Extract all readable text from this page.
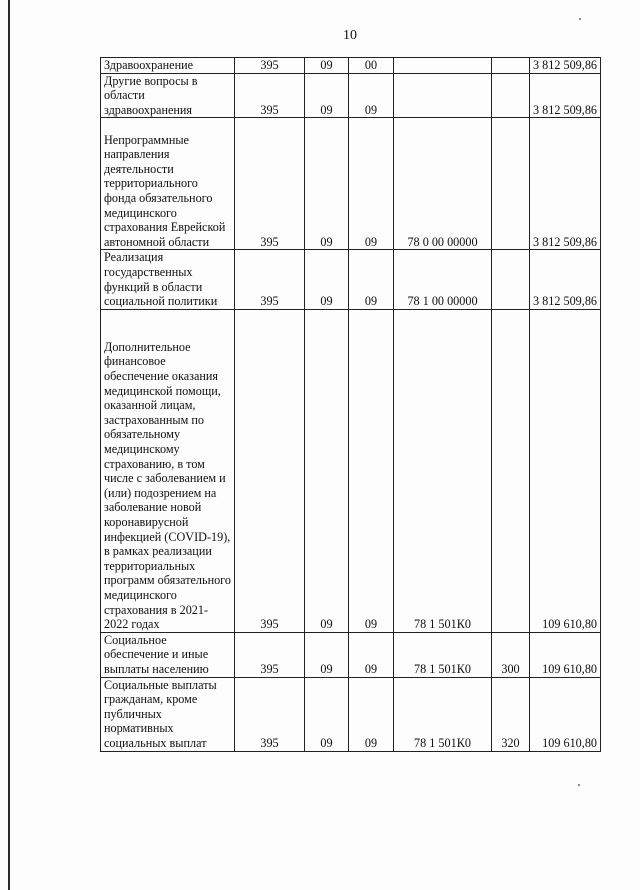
10
Здравоохранение	395	09	00			3 812 509,86
Другие вопросы в области здравоохранения	395	09	09			3 812 509,86
Непрограммные направления деятельности территориального фонда обязательного медицинского страхования Еврейской автономной области	395	09	09	78 0 00 00000		3 812 509,86
Реализация государственных функций в области социальной политики	395	09	09	78 1 00 00000		3 812 509,86
Дополнительное финансовое обеспечение оказания медицинской помощи, оказанной лицам, застрахованным по обязательному медицинскому страхованию, в том числе с заболеванием и (или) подозрением на заболевание новой коронавирусной инфекцией (COVID-19), в рамках реализации территориальных программ обязательного медицинского страхования в 2021-2022 годах	395	09	09	78 1 501К0		109 610,80
Социальное обеспечение и иные выплаты населению	395	09	09	78 1 501К0	300	109 610,80
Социальные выплаты гражданам, кроме публичных нормативных социальных выплат	395	09	09	78 1 501К0	320	109 610,80
